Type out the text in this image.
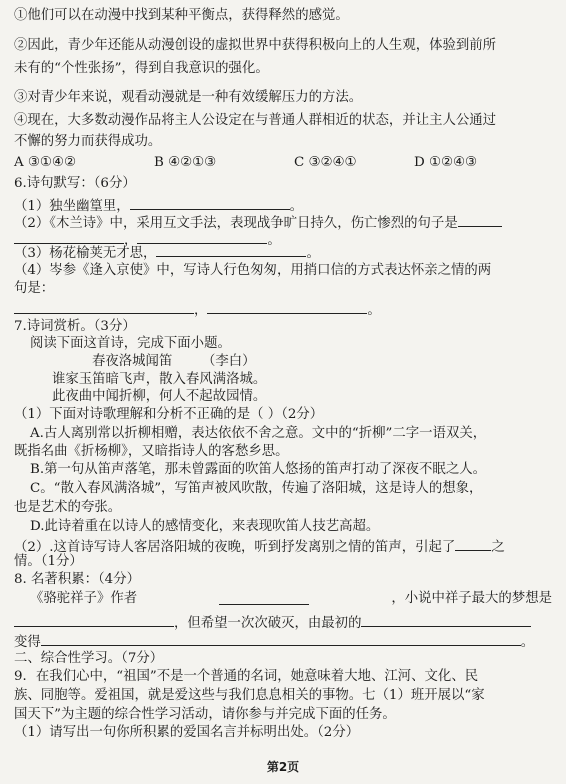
①他们可以在动漫中找到某种平衡点，获得释然的感觉。
②因此，青少年还能从动漫创设的虚拟世界中获得积极向上的人生观，体验到前所
未有的“个性张扬”，得到自我意识的强化。
③对青少年来说，观看动漫就是一种有效缓解压力的方法。
④现在，大多数动漫作品将主人公设定在与普通人群相近的状态，并让主人公通过
不懈的努力而获得成功。
A ③①④②	B ④②①③	C ③②④①	D ①②④③
6.诗句默写：（6分）
（1）独坐幽篁里，	。
（2）《木兰诗》中，采用互文手法，表现战争旷日持久，伤亡惨烈的句子是
，	。
（3）杨花榆荚无才思，	。
（4）岑参《逢入京使》中，写诗人行色匆匆，用捎口信的方式表达怀亲之情的两
句是：
，	。
7.诗词赏析。（3分）
阅读下面这首诗，完成下面小题。
春夜洛城闻笛 （李白）
谁家玉笛暗飞声，散入春风满洛城。
此夜曲中闻折柳，何人不起故园情。
（1）下面对诗歌理解和分析不正确的是（ ）（2分）
A.古人离别常以折柳相赠，表达依依不舍之意。文中的“折柳”二字一语双关，
既指名曲《折杨柳》，又暗指诗人的客愁乡思。
B.第一句从笛声落笔，那未曾露面的吹笛人悠扬的笛声打动了深夜不眠之人。
C。“散入春风满洛城”，写笛声被风吹散，传遍了洛阳城，这是诗人的想象，
也是艺术的夸张。
D.此诗着重在以诗人的感情变化，来表现吹笛人技艺高超。
（2）.这首诗写诗人客居洛阳城的夜晚，听到抒发离别之情的笛声，引起了	之
情。（1分）
8. 名著积累：（4分）
《骆驼祥子》作者	，小说中祥子最大的梦想是
，但希望一次次破灭，由最初的
变得	。
二、综合性学习。（7分）
9．在我们心中，“祖国”不是一个普通的名词，她意味着大地、江河、文化、民
族、同胞等。爱祖国，就是爱这些与我们息息相关的事物。七（1）班开展以“家
国天下”为主题的综合性学习活动，请你参与并完成下面的任务。
（1）请写出一句你所积累的爱国名言并标明出处。（2分）
第2页
